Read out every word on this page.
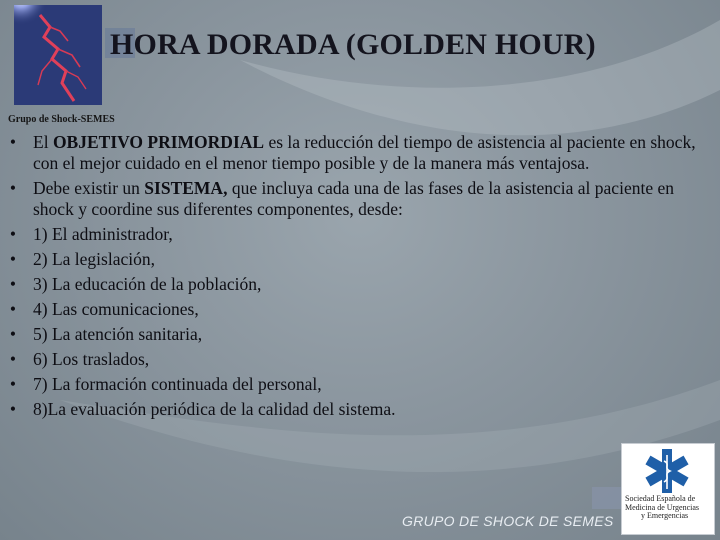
HORA DORADA (GOLDEN HOUR)
Grupo de Shock-SEMES
• El OBJETIVO PRIMORDIAL es la reducción del tiempo de asistencia al paciente en shock, con el mejor cuidado en el menor tiempo posible y de la manera más ventajosa.
• Debe existir un SISTEMA, que incluya cada una de las fases de la asistencia al paciente en shock y coordine sus diferentes componentes, desde:
• 1) El administrador,
• 2) La legislación,
• 3) La educación de la población,
• 4) Las comunicaciones,
• 5) La atención sanitaria,
• 6) Los traslados,
• 7) La formación continuada del personal,
• 8)La evaluación periódica de la calidad del sistema.
GRUPO DE SHOCK DE SEMES
Sociedad Española de
Medicina de Urgencias
y Emergencias
